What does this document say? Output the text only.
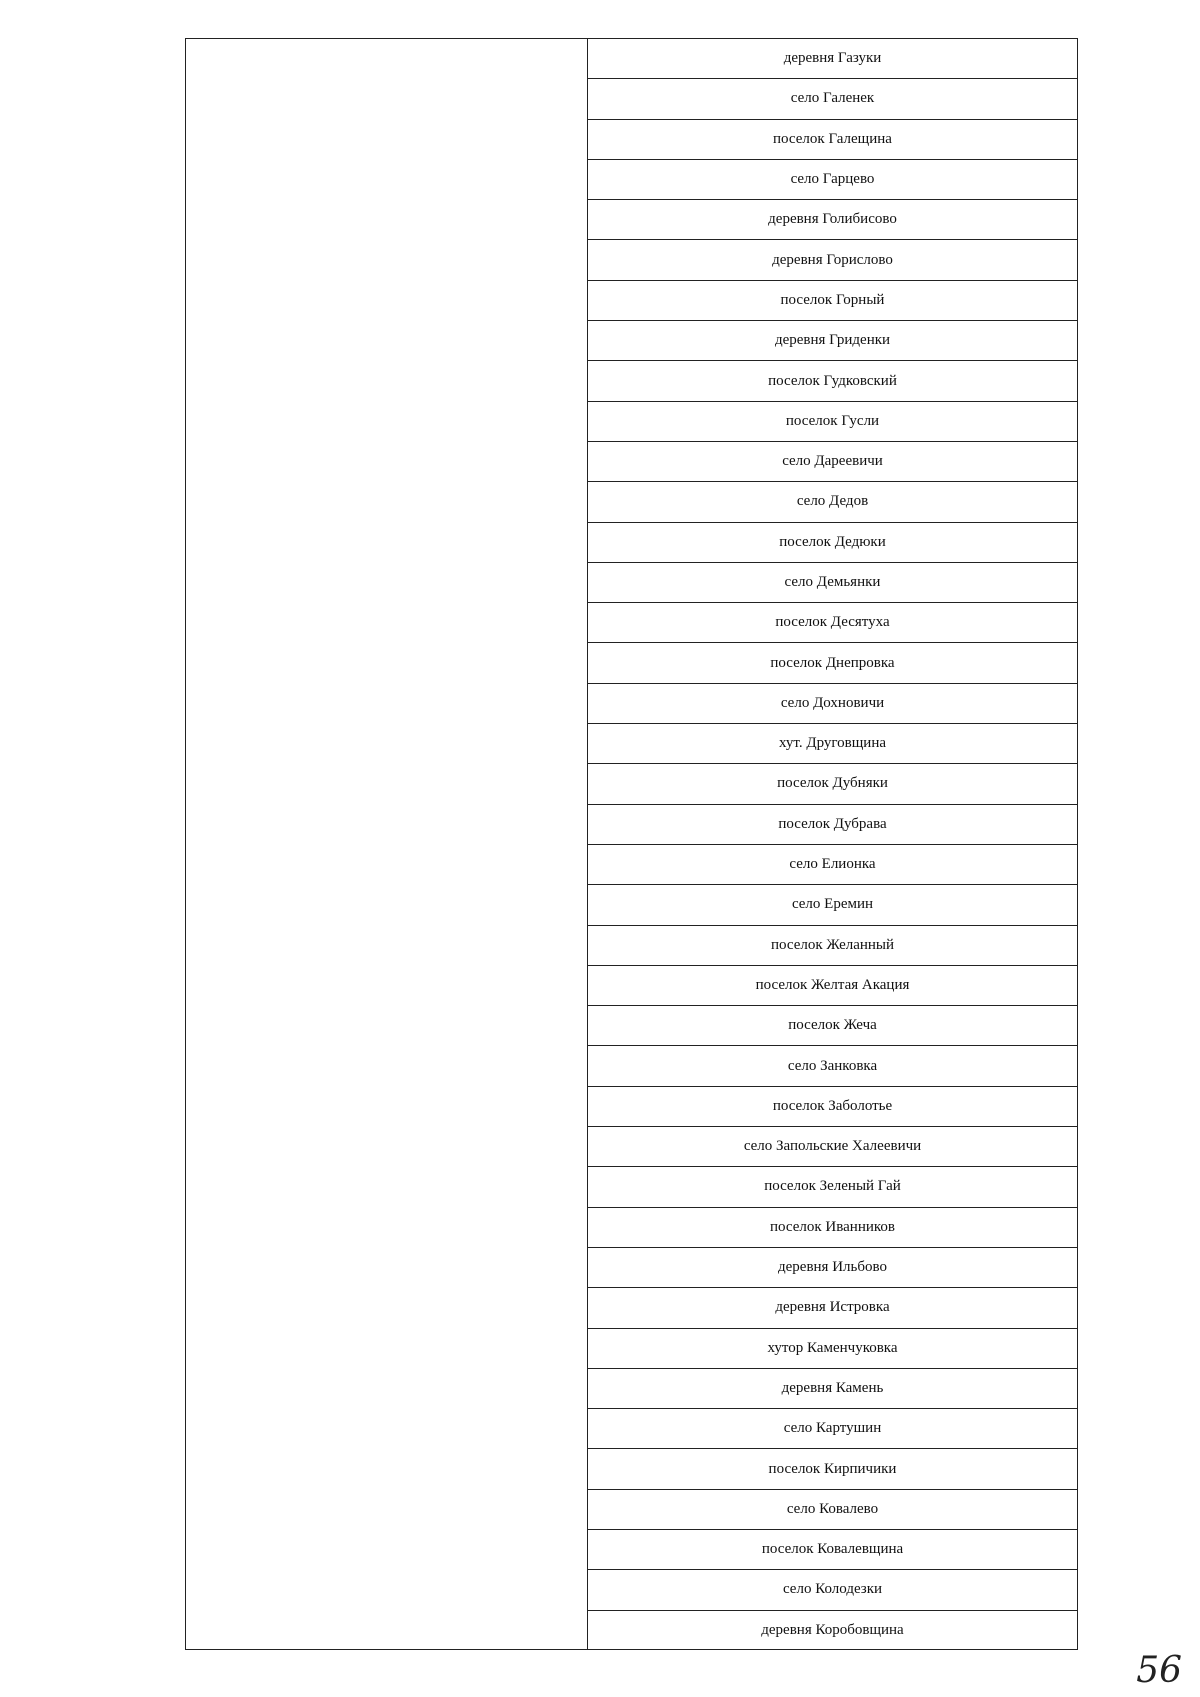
деревня Газуки
село Галенек
поселок Галещина
село Гарцево
деревня Голибисово
деревня Горислово
поселок Горный
деревня Гриденки
поселок Гудковский
поселок Гусли
село Дареевичи
село Дедов
поселок Дедюки
село Демьянки
поселок Десятуха
поселок Днепровка
село Дохновичи
хут. Друговщина
поселок Дубняки
поселок Дубрава
село Елионка
село Еремин
поселок Желанный
поселок Желтая Акация
поселок Жеча
село Занковка
поселок Заболотье
село Запольские Халеевичи
поселок Зеленый Гай
поселок Иванников
деревня Ильбово
деревня Истровка
хутор Каменчуковка
деревня Камень
село Картушин
поселок Кирпичики
село Ковалево
поселок Ковалевщина
село Колодезки
деревня Коробовщина
56
